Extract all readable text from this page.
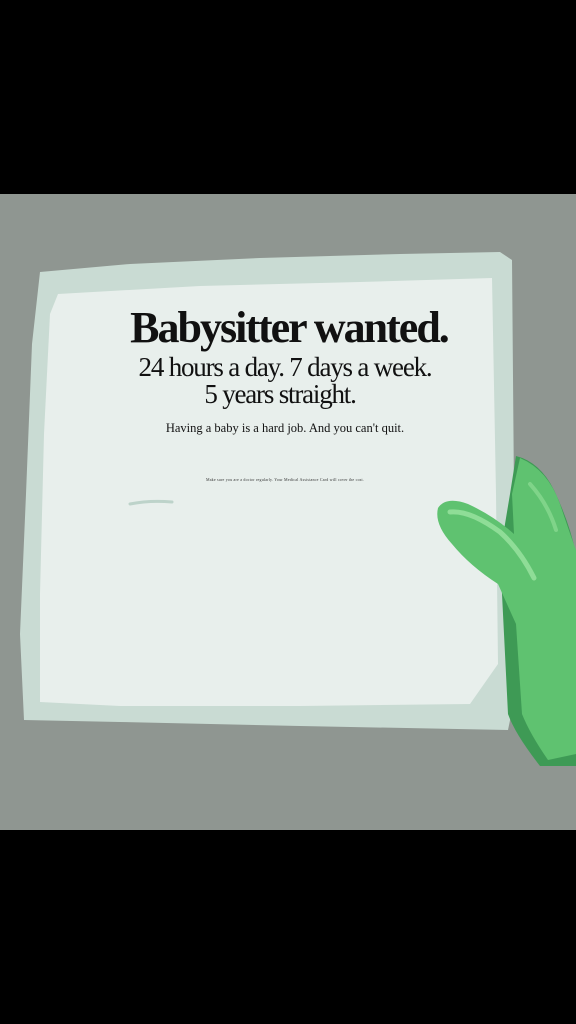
Babysitter wanted.

24 hours a day. 7 days a week.

5 years straight.

Having a baby is a hard job. And you can't quit.

Make sure you are a doctor regularly. Your Medical Assistance Card will cover the cost.
